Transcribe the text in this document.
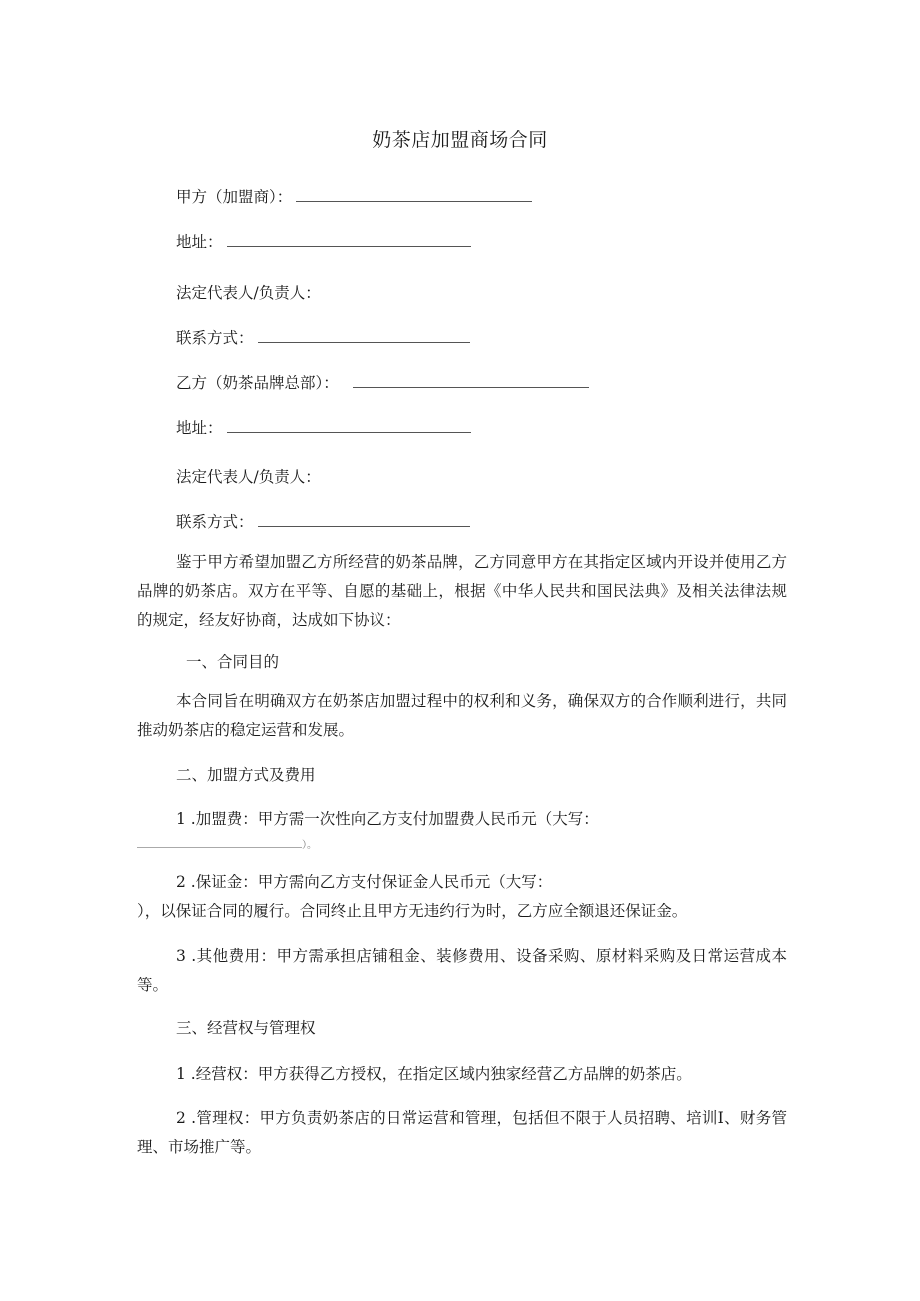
奶茶店加盟商场合同
甲方（加盟商）：
地址：
法定代表人/负责人：
联系方式：
乙方（奶茶品牌总部）：
地址：
法定代表人/负责人：
联系方式：
鉴于甲方希望加盟乙方所经营的奶茶品牌，乙方同意甲方在其指定区域内开设并使用乙方品牌的奶茶店。双方在平等、自愿的基础上，根据《中华人民共和国民法典》及相关法律法规的规定，经友好协商，达成如下协议：
一、合同目的
本合同旨在明确双方在奶茶店加盟过程中的权利和义务，确保双方的合作顺利进行，共同推动奶茶店的稳定运营和发展。
二、加盟方式及费用
1 .加盟费：甲方需一次性向乙方支付加盟费人民币元（大写：
）。
2 .保证金：甲方需向乙方支付保证金人民币元（大写：
），以保证合同的履行。合同终止且甲方无违约行为时，乙方应全额退还保证金。
3 .其他费用：甲方需承担店铺租金、装修费用、设备采购、原材料采购及日常运营成本等。
三、经营权与管理权
1 .经营权：甲方获得乙方授权，在指定区域内独家经营乙方品牌的奶茶店。
2 .管理权：甲方负责奶茶店的日常运营和管理，包括但不限于人员招聘、培训I、财务管理、市场推广等。
